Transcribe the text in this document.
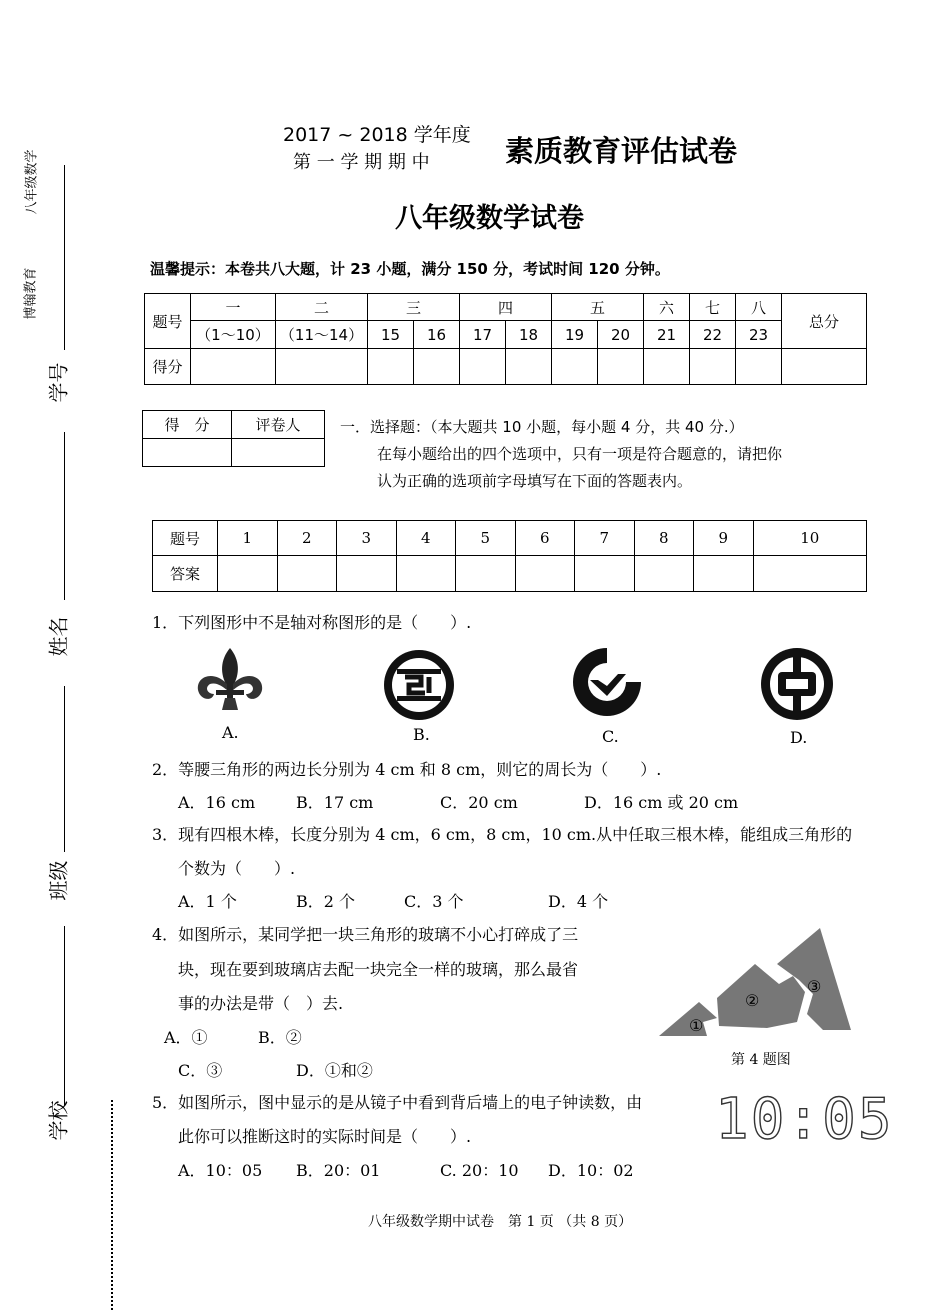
八年级数学
博翰教育
学号
姓名
班级
学校
2017 ~ 2018 学年度
第 一 学 期 期 中	素质教育评估试卷
八年级数学试卷
温馨提示：本卷共八大题，计 23 小题，满分 150 分，考试时间 120 分钟。
题号	一	二	三		四		五		六	七	八	总分
	（1～10）	（11～14）	15	16	17	18	19	20	21	22	23	
得分												
得　分	评卷人
		一．选择题：（本大题共 10 小题，每小题 4 分，共 40 分.）
在每小题给出的四个选项中，只有一项是符合题意的，请把你
认为正确的选项前字母填写在下面的答题表内。
题号	1	2	3	4	5	6	7	8	9	10
答案										
1．下列图形中不是轴对称图形的是（　　）.
A.	B.	C.	D.
2．等腰三角形的两边长分别为 4 cm 和 8 cm，则它的周长为（　　）.
A．16 cm	B．17 cm	C．20 cm	D．16 cm 或 20 cm
3．现有四根木棒，长度分别为 4 cm，6 cm，8 cm，10 cm.从中任取三根木棒，能组成三角形的
个数为（　　）.
A．1 个	B．2 个	C．3 个	D．4 个
4．如图所示，某同学把一块三角形的玻璃不小心打碎成了三
块，现在要到玻璃店去配一块完全一样的玻璃，那么最省
事的办法是带（　）去.
A．①	B．②
C．③	D．①和②
①
②
③
第 4 题图
5．如图所示，图中显示的是从镜子中看到背后墙上的电子钟读数，由
此你可以推断这时的实际时间是（　　）.
A．10：05 B．20：01	C. 20：10 D．10：02
10:05
八年级数学期中试卷　第 1 页 （共 8 页）
